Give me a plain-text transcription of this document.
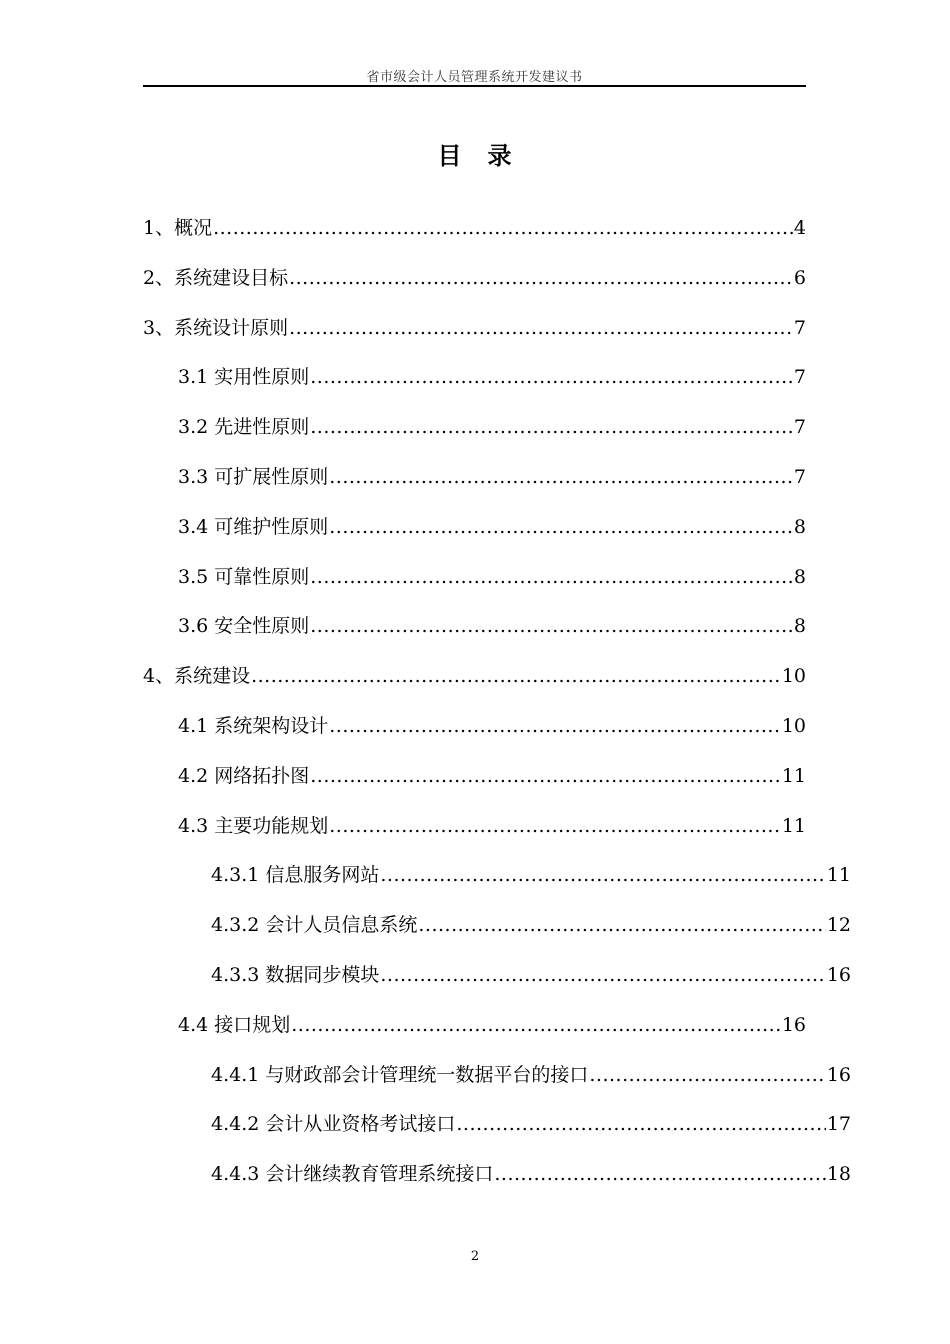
省市级会计人员管理系统开发建议书
目录
1、概况 .....	4
2、系统建设目标 .....	6
3、系统设计原则 .....	7
3.1 实用性原则 .....	7
3.2 先进性原则 .....	7
3.3 可扩展性原则 .....	7
3.4 可维护性原则 .....	8
3.5 可靠性原则 .....	8
3.6 安全性原则 .....	8
4、系统建设 .....	10
4.1 系统架构设计 .....	10
4.2 网络拓扑图 .....	11
4.3 主要功能规划 .....	11
4.3.1 信息服务网站 .....	11
4.3.2 会计人员信息系统 .....	12
4.3.3 数据同步模块 .....	16
4.4 接口规划 .....	16
4.4.1 与财政部会计管理统一数据平台的接口 .....	16
4.4.2 会计从业资格考试接口 .....	17
4.4.3 会计继续教育管理系统接口 .....	18
2
